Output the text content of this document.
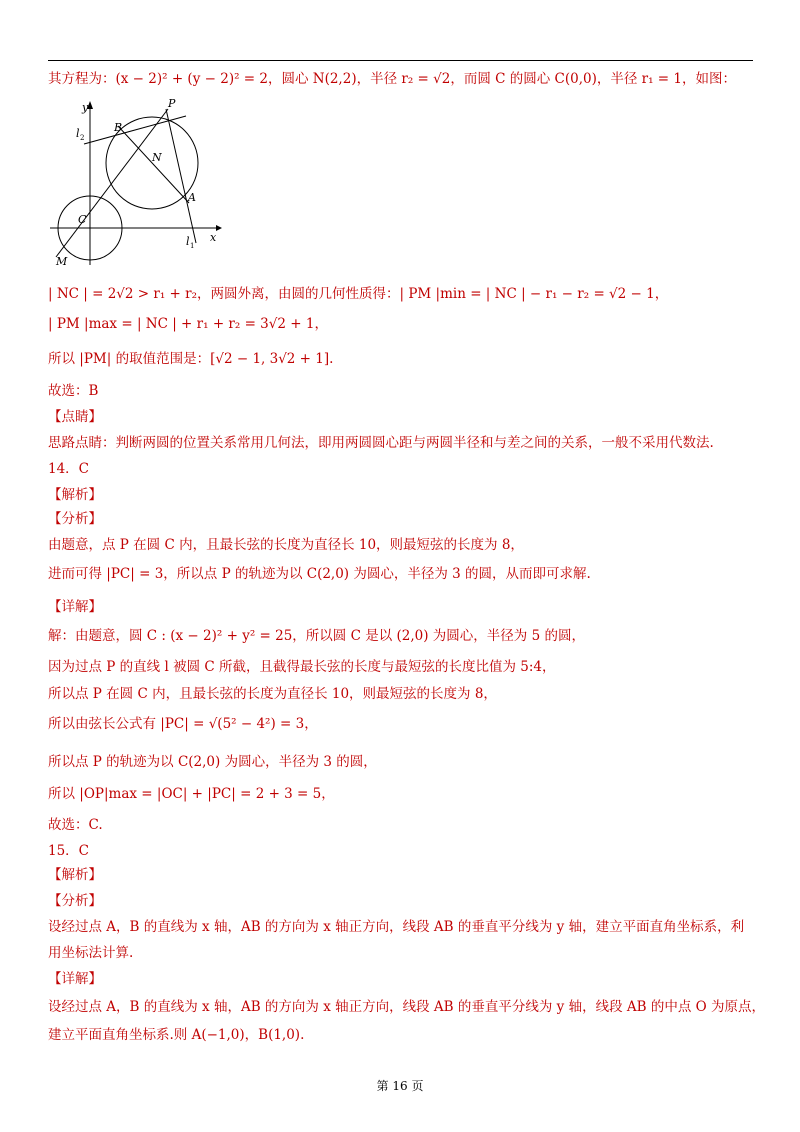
其方程为：(x − 2)² + (y − 2)² = 2，圆心 N(2,2)，半径 r₂ = √2，而圆 C 的圆心 C(0,0)，半径 r₁ = 1，如图：
y
x
P
B
N
A
C
M
l 2
l 1
| NC | = 2√2 > r₁ + r₂，两圆外离，由圆的几何性质得：| PM |min = | NC | − r₁ − r₂ = √2 − 1，
| PM |max = | NC | + r₁ + r₂ = 3√2 + 1，
所以 |PM| 的取值范围是：[√2 − 1, 3√2 + 1].
故选：B
【点睛】
思路点睛：判断两圆的位置关系常用几何法，即用两圆圆心距与两圆半径和与差之间的关系，一般不采用代数法.
14．C
【解析】
【分析】
由题意，点 P 在圆 C 内，且最长弦的长度为直径长 10，则最短弦的长度为 8，
进而可得 |PC| = 3，所以点 P 的轨迹为以 C(2,0) 为圆心，半径为 3 的圆，从而即可求解.
【详解】
解：由题意，圆 C : (x − 2)² + y² = 25，所以圆 C 是以 (2,0) 为圆心，半径为 5 的圆，
因为过点 P 的直线 l 被圆 C 所截，且截得最长弦的长度与最短弦的长度比值为 5:4，
所以点 P 在圆 C 内，且最长弦的长度为直径长 10，则最短弦的长度为 8，
所以由弦长公式有 |PC| = √(5² − 4²) = 3，
所以点 P 的轨迹为以 C(2,0) 为圆心，半径为 3 的圆，
所以 |OP|max = |OC| + |PC| = 2 + 3 = 5，
故选：C.
15．C
【解析】
【分析】
设经过点 A，B 的直线为 x 轴，AB 的方向为 x 轴正方向，线段 AB 的垂直平分线为 y 轴，建立平面直角坐标系，利
用坐标法计算.
【详解】
设经过点 A，B 的直线为 x 轴，AB 的方向为 x 轴正方向，线段 AB 的垂直平分线为 y 轴，线段 AB 的中点 O 为原点，
建立平面直角坐标系.则 A(−1,0)，B(1,0).
第 16 页
